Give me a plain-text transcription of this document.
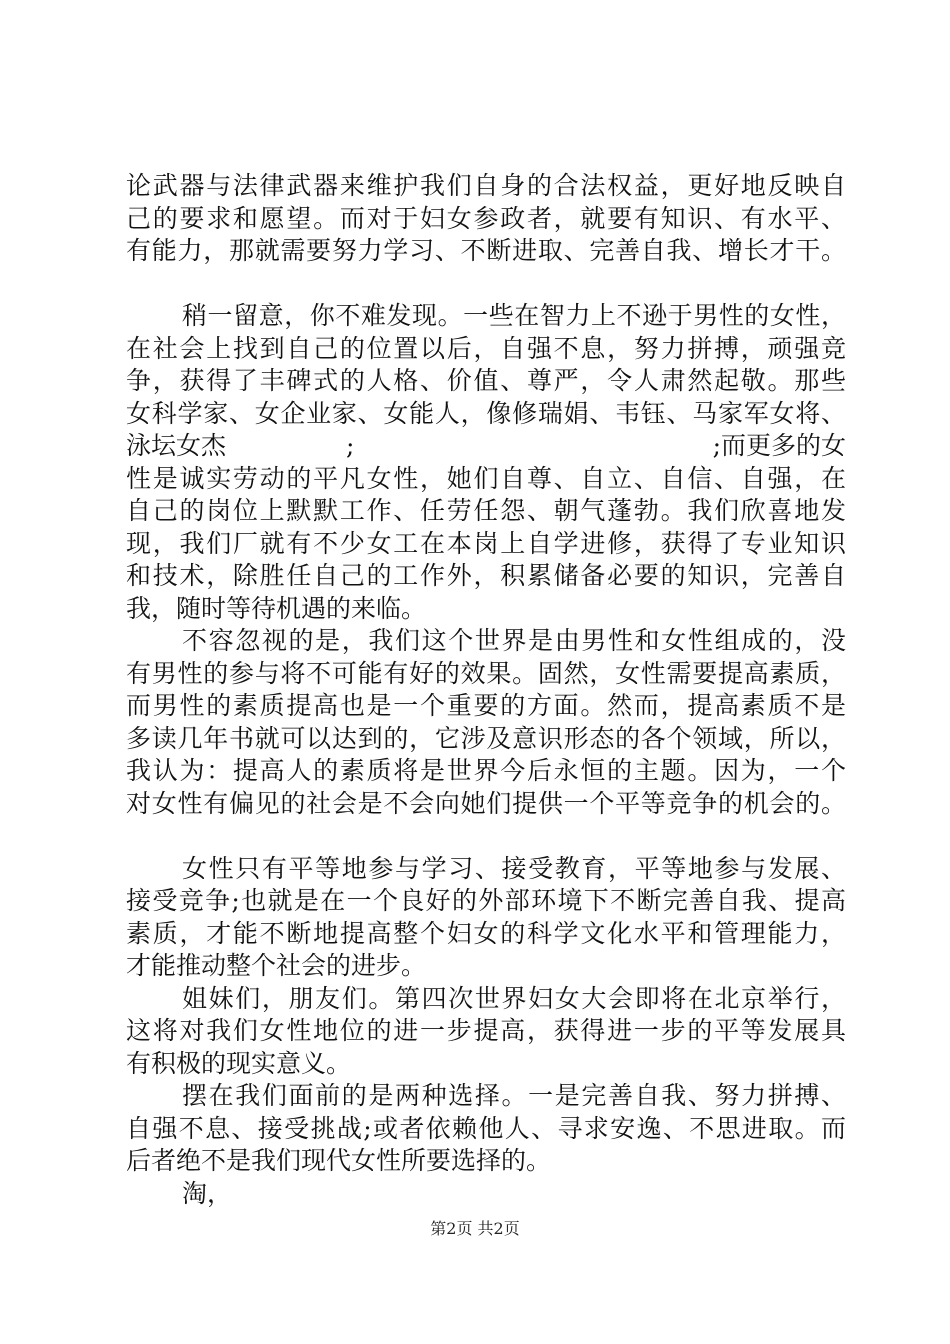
论武器与法律武器来维护我们自身的合法权益，更好地反映自
己的要求和愿望。而对于妇女参政者，就要有知识、有水平、
有能力，那就需要努力学习、不断进取、完善自我、增长才干。
稍一留意，你不难发现。一些在智力上不逊于男性的女性，
在社会上找到自己的位置以后，自强不息，努力拼搏，顽强竞
争，获得了丰碑式的人格、价值、尊严，令人肃然起敬。那些
女科学家、女企业家、女能人，像修瑞娟、韦钰、马家军女将、
泳坛女杰	;	;而更多的女
性是诚实劳动的平凡女性，她们自尊、自立、自信、自强，在
自己的岗位上默默工作、任劳任怨、朝气蓬勃。我们欣喜地发
现，我们厂就有不少女工在本岗上自学进修，获得了专业知识
和技术，除胜任自己的工作外，积累储备必要的知识，完善自
我，随时等待机遇的来临。
不容忽视的是，我们这个世界是由男性和女性组成的，没
有男性的参与将不可能有好的效果。固然，女性需要提高素质，
而男性的素质提高也是一个重要的方面。然而，提高素质不是
多读几年书就可以达到的，它涉及意识形态的各个领域，所以，
我认为：提高人的素质将是世界今后永恒的主题。因为，一个
对女性有偏见的社会是不会向她们提供一个平等竞争的机会的。
女性只有平等地参与学习、接受教育，平等地参与发展、
接受竞争;也就是在一个良好的外部环境下不断完善自我、提高
素质，才能不断地提高整个妇女的科学文化水平和管理能力，
才能推动整个社会的进步。
姐妹们，朋友们。第四次世界妇女大会即将在北京举行，
这将对我们女性地位的进一步提高，获得进一步的平等发展具
有积极的现实意义。
摆在我们面前的是两种选择。一是完善自我、努力拼搏、
自强不息、接受挑战;或者依赖他人、寻求安逸、不思进取。而
后者绝不是我们现代女性所要选择的。
淘，
第2页 共2页
